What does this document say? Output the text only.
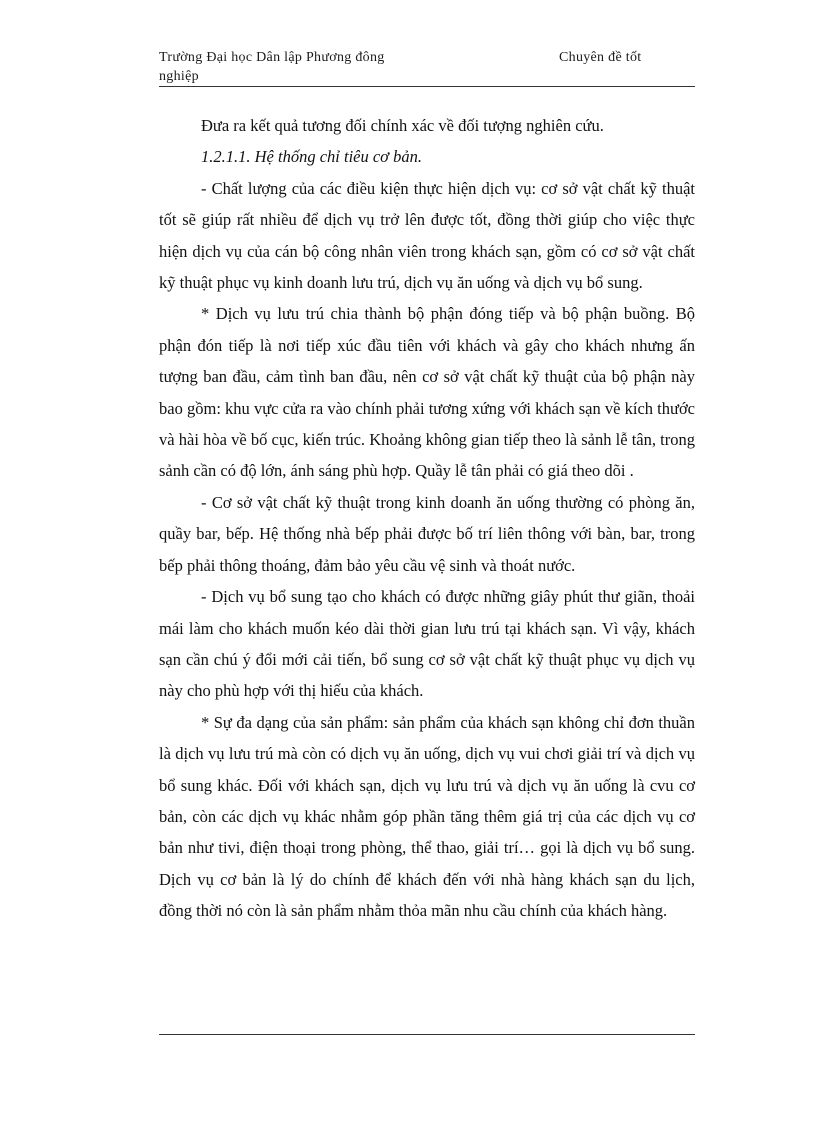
Trường Đại học Dân lập Phương đông	Chuyên đề tốt
nghiệp

Đưa ra kết quả tương đối chính xác về đối tượng nghiên cứu.

1.2.1.1. Hệ thống chỉ tiêu cơ bản.

- Chất lượng của các điều kiện thực hiện dịch vụ: cơ sở vật chất kỹ thuật tốt sẽ giúp rất nhiều để dịch vụ trở lên được tốt, đồng thời giúp cho việc thực hiện dịch vụ của cán bộ công nhân viên trong khách sạn, gồm có cơ sở vật chất kỹ thuật phục vụ kinh doanh lưu trú, dịch vụ ăn uống và dịch vụ bổ sung.

* Dịch vụ lưu trú chia thành bộ phận đóng tiếp và bộ phận buồng. Bộ phận đón tiếp là nơi tiếp xúc đầu tiên với khách và gây cho khách nhưng ấn tượng ban đầu, cảm tình ban đầu, nên cơ sở vật chất kỹ thuật của bộ phận này bao gồm: khu vực cửa ra vào chính phải tương xứng với khách sạn về kích thước và hài hòa về bố cục, kiến trúc. Khoảng không gian tiếp theo là sảnh lễ tân, trong sảnh cần có độ lớn, ánh sáng phù hợp. Quầy lễ tân phải có giá theo dõi .

- Cơ sở vật chất kỹ thuật trong kinh doanh ăn uống thường có phòng ăn, quầy bar, bếp. Hệ thống nhà bếp phải được bố trí liên thông với bàn, bar, trong bếp phải thông thoáng, đảm bảo yêu cầu vệ sinh và thoát nước.

- Dịch vụ bổ sung tạo cho khách có được những giây phút thư giãn, thoải mái làm cho khách muốn kéo dài thời gian lưu trú tại khách sạn. Vì vậy, khách sạn cần chú ý đổi mới cải tiến, bổ sung cơ sở vật chất kỹ thuật phục vụ dịch vụ này cho phù hợp với thị hiếu của khách.

* Sự đa dạng của sản phẩm: sản phẩm của khách sạn không chỉ đơn thuần là dịch vụ lưu trú mà còn có dịch vụ ăn uống, dịch vụ vui chơi giải trí và dịch vụ bổ sung khác. Đối với khách sạn, dịch vụ lưu trú và dịch vụ ăn uống là cvu cơ bản, còn các dịch vụ khác nhằm góp phần tăng thêm giá trị của các dịch vụ cơ bản như tivi, điện thoại trong phòng, thể thao, giải trí… gọi là dịch vụ bổ sung. Dịch vụ cơ bản là lý do chính để khách đến với nhà hàng khách sạn du lịch, đồng thời nó còn là sản phẩm nhằm thỏa mãn nhu cầu chính của khách hàng.
